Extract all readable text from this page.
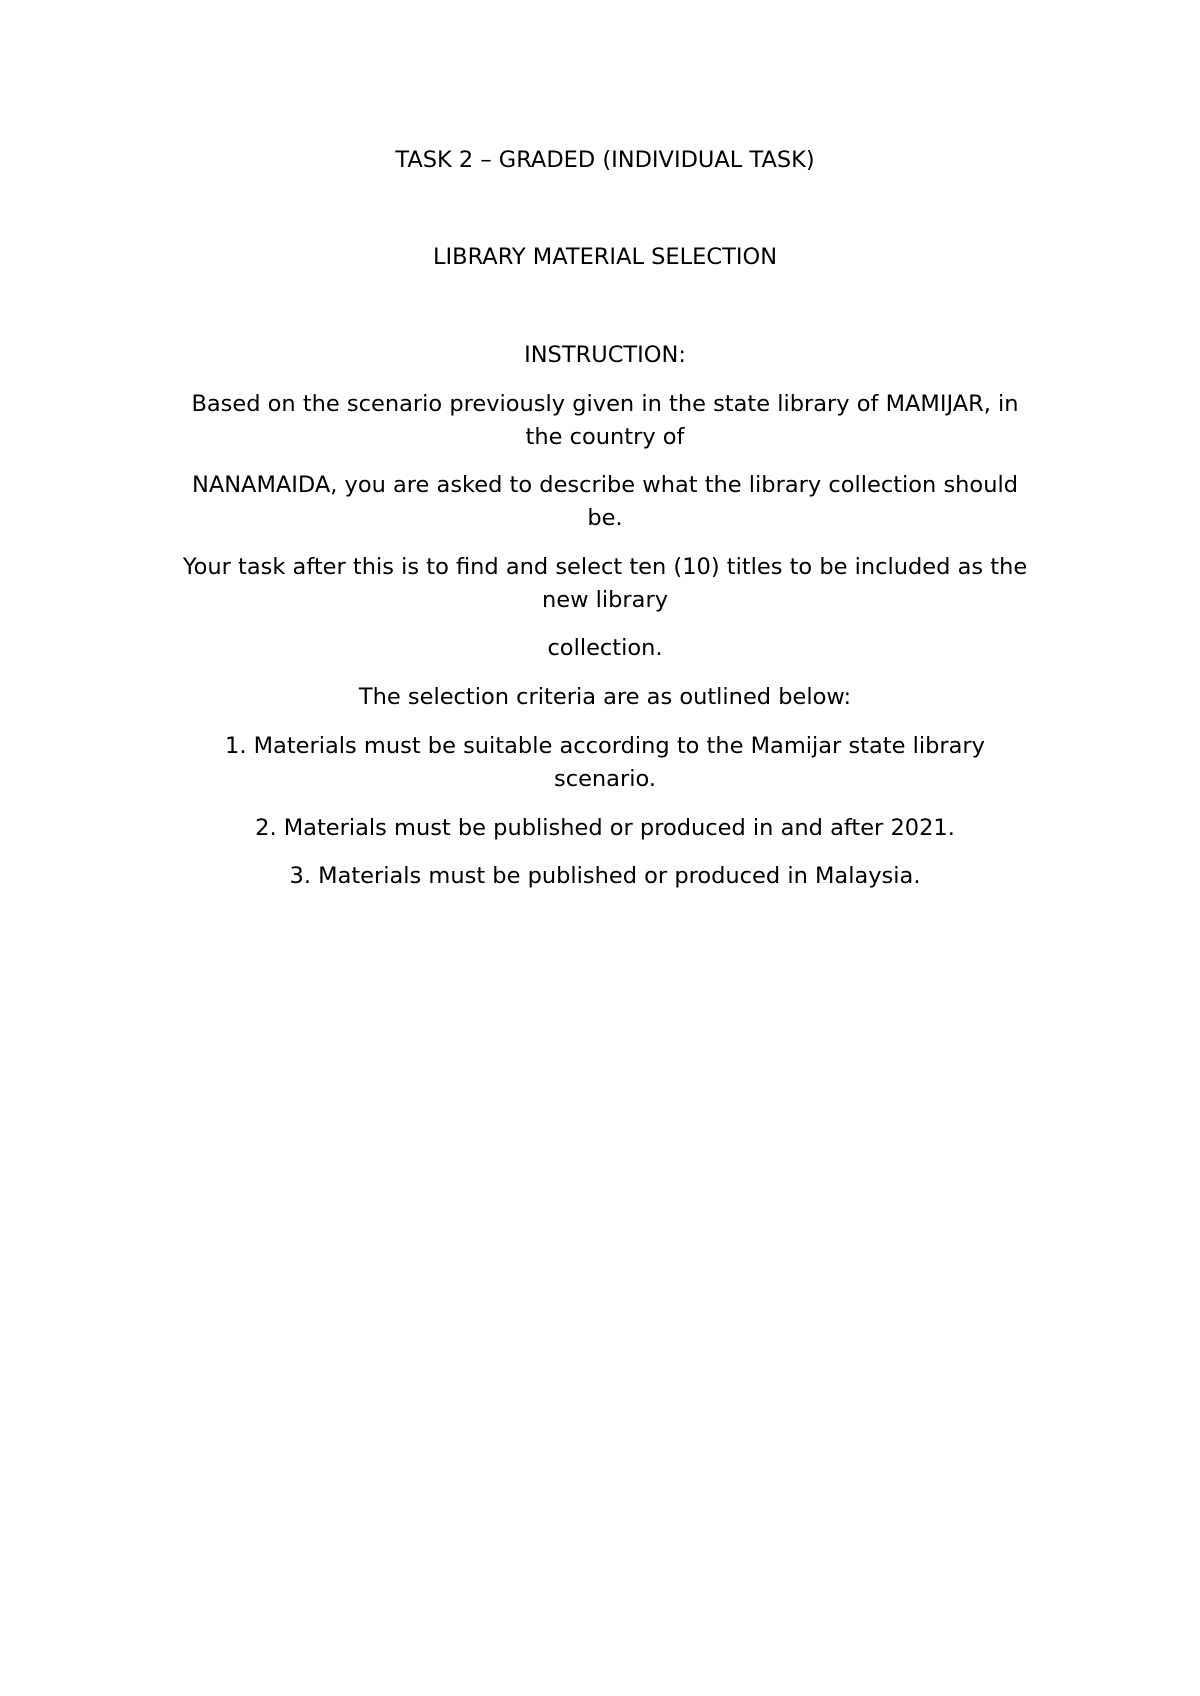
TASK 2 – GRADED (INDIVIDUAL TASK)

LIBRARY MATERIAL SELECTION

INSTRUCTION:

Based on the scenario previously given in the state library of MAMIJAR, in

the country of

NANAMAIDA, you are asked to describe what the library collection should

be.

Your task after this is to find and select ten (10) titles to be included as the

new library

collection.

The selection criteria are as outlined below:

1. Materials must be suitable according to the Mamijar state library

scenario.

2. Materials must be published or produced in and after 2021.

3. Materials must be published or produced in Malaysia.
